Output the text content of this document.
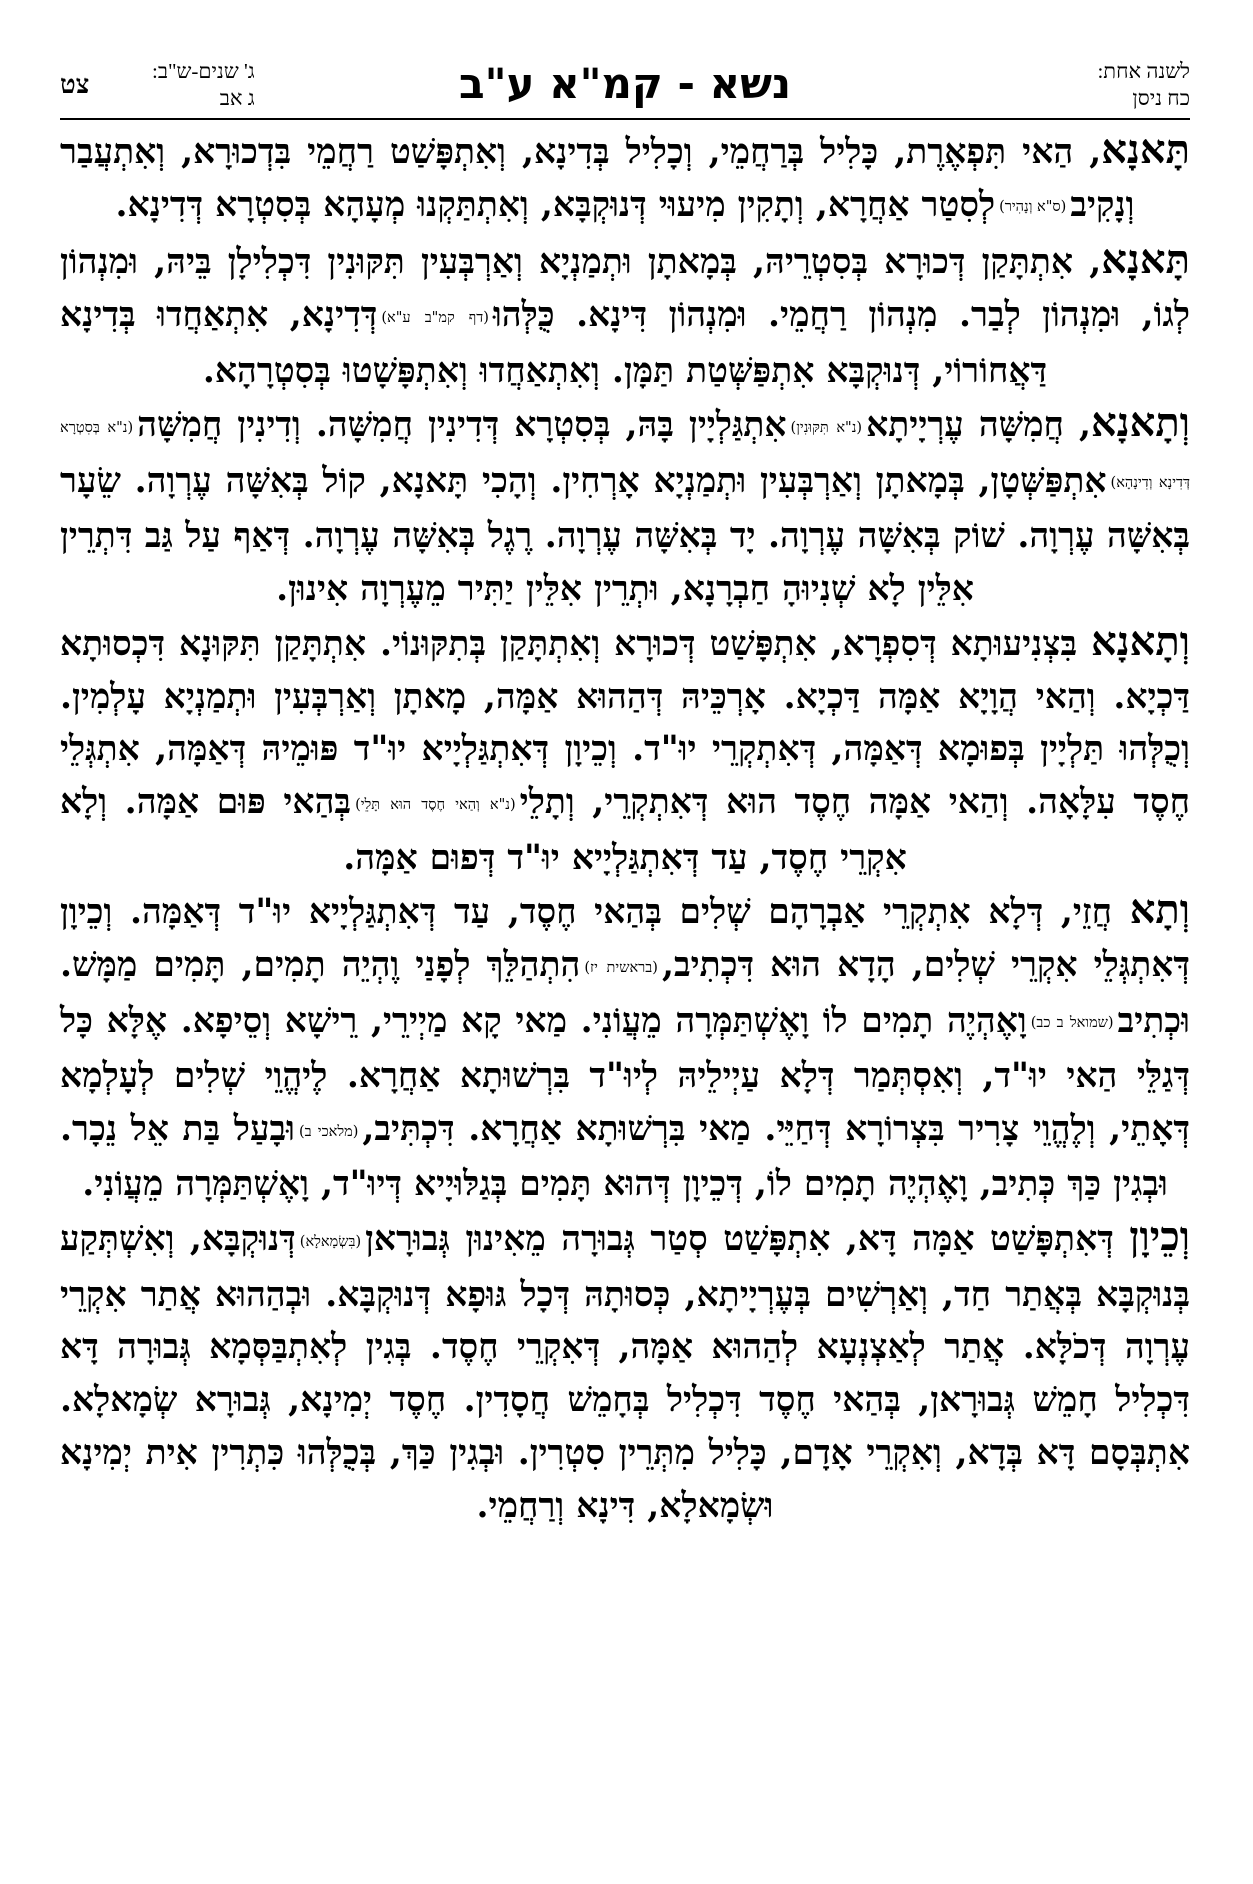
לשנה אחת:
כח ניסן
נשא - קמ"א ע"ב
ג' שנים-ש"ב:
ג אב
צט

תָּאנָא, הַאי תִּפְאֶרֶת, כָּלִיל בְּרַחֲמֵי, וְכָלִיל בְּדִינָא, וְאִתְפָּשַׁט רַחֲמֵי בִּדְכוּרָא, וְאִתְעֲבַר וְנָקִיב(ס"א וְנָהִיר)לְסִטַר אַחֲרָא, וְתָקִין מִיעוּי דְּנוּקְבָּא, וְאִתְתַּקְנוּ מְעָהָא בְּסִטְרָא דְּדִינָא.

תָּאנָא, אִתְתָּקַן דְּכוּרָא בְּסִטְרֵיהּ, בְּמָאתָן וּתְמַנְיָא וְאַרְבְּעִין תִּקּוּנִין דִּכְלִילָן בֵּיהּ, וּמִנְהוֹן לְגוֹ, וּמִנְהוֹן לְבַר. מִנְהוֹן רַחֲמֵי. וּמִנְהוֹן דִּינָא. כֻּלְּהוּ(דף קמ"ב ע"א)דְּדִינָא, אִתְאַחֲדוּ בְּדִינָא דַּאֲחוֹרוֹי, דְּנוּקְבָּא אִתְפַּשְּׁטַת תַּמָּן. וְאִתְאַחֲדוּ וְאִתְפָּשָׁטוּ בְּסִטְרָהָא.

וְתָאנָא, חֲמִשָּׁה עֶרְיָיתָא(נ"א תִּקּוּנִין)אִתְגַּלְיָין בָּהּ, בְּסִטְרָא דְּדִינִין חֲמִשָּׁה. וְדִינִין חֲמִשָּׁה(נ"א בְּסִטְרָא דְּדִינָא וְדִינָהָא)אִתְפַּשְּׁטָן, בְּמָאתָן וְאַרְבְּעִין וּתְמַנְיָא אָרְחִין. וְהָכִי תָּאנָא, קוֹל בְּאִשָּׁה עֶרְוָה. שֵׂעָר בְּאִשָּׁה עֶרְוָה. שׁוֹק בְּאִשָּׁה עֶרְוָה. יָד בְּאִשָּׁה עֶרְוָה. רֶגֶל בְּאִשָּׁה עֶרְוָה. דְּאַף עַל גַּב דִּתְרֵין אִלֵּין לָא שְׁנִיוּהָ חַבְרָנָא, וּתְרֵין אִלֵּין יַתִּיר מֵעֶרְוָה אִינוּן.

וְתָאנָא בִּצְנִיעוּתָא דְּסִפְרָא, אִתְפָּשַׁט דְּכוּרָא וְאִתְתָּקַן בְּתִקּוּנוֹי. אִתְתָּקַן תִּקּוּנָא דִּכְסוּתָא דַּכְיָא. וְהַאי הֲוָיָא אַמָּה דַּכְיָא. אָרְכֵּיהּ דְּהַהוּא אַמָּה, מָאתָן וְאַרְבְּעִין וּתְמַנְיָא עָלְמִין. וְכֻלְּהוּ תַּלְיָין בְּפוּמָא דְּאַמָּה, דְּאִתְקְרֵי יוּ"ד. וְכֵיוָן דְּאִתְגַּלְיָיא יוּ"ד פּוּמֵיהּ דְּאַמָּה, אִתְגְּלֵי חֶסֶד עִלָּאָה. וְהַאי אַמָּה חֶסֶד הוּא דְּאִתְקְרֵי, וְתָלֵי(נ"א וְהַאי חֶסֶד הוּא תָּלֵי)בְּהַאי פּוּם אַמָּה. וְלָא אִקְרֵי חֶסֶד, עַד דְּאִתְגַּלְיָיא יוּ"ד דְּפוּם אַמָּה.

וְתָא חֲזֵי, דְּלָא אִתְקְרֵי אַבְרָהָם שְׁלִים בְּהַאי חֶסֶד, עַד דְּאִתְגַּלְיָיא יוּ"ד דְּאַמָּה. וְכֵיוָן דְּאִתְגְּלֵי אִקְרֵי שְׁלִים, הָדָא הוּא דִּכְתִיב,(בראשית יז)הִתְהַלֵּךְ לְפָנַי וֶהְיֵה תָמִים, תָּמִים מַמָּשׁ. וּכְתִיב(שמואל ב כב)וָאֶהְיֶה תָמִים לוֹ וָאֶשְׁתַּמְּרָה מֵעֲוֹנִי. מַאי קָא מַיְירֵי, רֵישָׁא וְסֵיפָא. אֶלָּא כָּל דְּגַלֵּי הַאי יוּ"ד, וְאִסְתְּמַר דְּלָא עַיְילֵיהּ לְיוּ"ד בִּרְשׁוּתָא אַחֲרָא. לֶיהֱוֵי שְׁלִים לְעָלְמָא דְּאָתֵי, וְלֶהֱוֵי צָרִיר בִּצְרוֹרָא דְּחַיֵּי. מַאי בִּרְשׁוּתָא אַחֲרָא. דִּכְתִּיב,(מלאכי ב)וּבָעַל בַּת אֵל נֵכָר. וּבְגִין כַּךְ כְּתִיב, וָאֶהְיֶה תָמִים לוֹ, דְּכֵיוָן דְּהוּא תָּמִים בְּגַלּוּיָיא דְּיוּ"ד, וָאֶשְׁתַּמְּרָה מֵעֲוֹנִי.

וְכֵיוָן דְּאִתְפָּשַׁט אַמָּה דָּא, אִתְפָּשַׁט סְטַר גְּבוּרָה מֵאִינוּן גְּבוּרָאן(בִּשְׂמָאלָא)דְּנוּקְבָּא, וְאִשְׁתְּקַע בְּנוּקְבָּא בְּאֲתַר חַד, וְאַרְשִׁים בְּעֶרְיָיתָא, כְּסוּתָהּ דְּכָל גּוּפָא דְּנוּקְבָּא. וּבְהַהוּא אֲתַר אִקְרֵי עֶרְוָה דְּכֹלָּא. אֲתַר לְאַצְנְעָא לְהַהוּא אַמָּה, דְּאִקְרֵי חֶסֶד. בְּגִין לְאִתְבַּסְּמָא גְּבוּרָה דָּא דִּכְלִיל חָמֵשׁ גְּבוּרָאן, בְּהַאי חֶסֶד דִּכְלִיל בְּחָמֵשׁ חֲסָדִין. חֶסֶד יְמִינָא, גְּבוּרָא שְׂמָאלָא. אִתְבְּסָם דָּא בְּדָא, וְאִקְרֵי אָדָם, כָּלִיל מִתְּרֵין סִטְרִין. וּבְגִין כַּךְ, בְּכֻלְּהוּ כִּתְרִין אִית יְמִינָא וּשְׂמָאלָא, דִּינָא וְרַחֲמֵי.
